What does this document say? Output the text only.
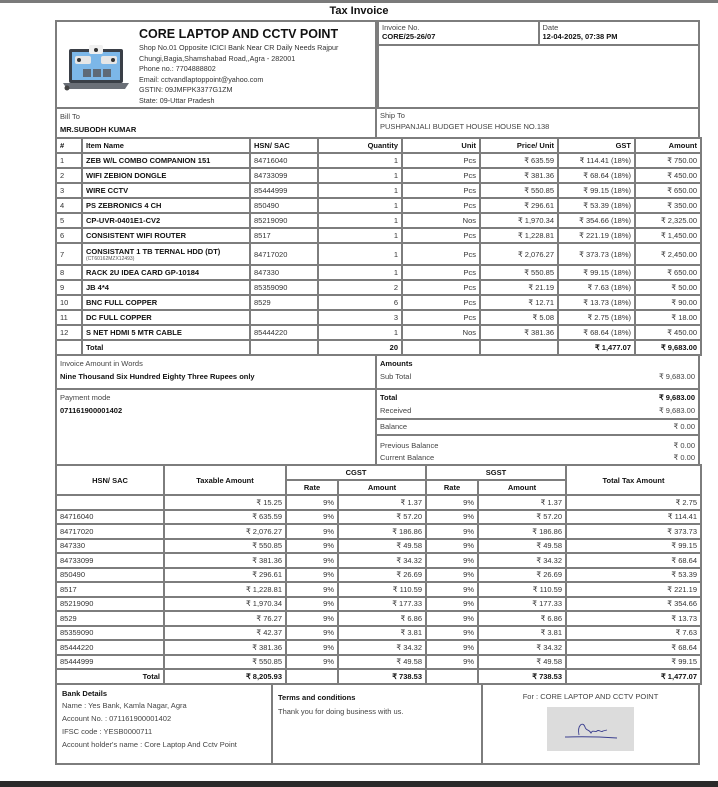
Tax Invoice
CORE LAPTOP AND CCTV POINT
Shop No.01 Opposite ICICI Bank Near CR Daily Needs Rajpur
Chungi,Bagia,Shamshabad Road,,Agra - 282001
Phone no.: 7704888802
Email: cctvandlaptoppoint@yahoo.com
GSTIN: 09JMFPK3377G1ZM
State: 09-Uttar Pradesh
Invoice No.
CORE/25-26/07
Date
12-04-2025, 07:38 PM
Bill To
MR.SUBODH KUMAR
Ship To
PUSHPANJALI BUDGET HOUSE HOUSE NO.138
#	Item Name	HSN/ SAC	Quantity	Unit	Price/ Unit	GST	Amount
1	ZEB W/L COMBO COMPANION 151	84716040	1	Pcs	₹ 635.59	₹ 114.41 (18%)	₹ 750.00
2	WIFI ZEBION DONGLE	84733099	1	Pcs	₹ 381.36	₹ 68.64 (18%)	₹ 450.00
3	WIRE CCTV	85444999	1	Pcs	₹ 550.85	₹ 99.15 (18%)	₹ 650.00
4	PS ZEBRONICS 4 CH	850490	1	Pcs	₹ 296.61	₹ 53.39 (18%)	₹ 350.00
5	CP-UVR-0401E1-CV2	85219090	1	Nos	₹ 1,970.34	₹ 354.66 (18%)	₹ 2,325.00
6	CONSISTENT WIFI ROUTER	8517	1	Pcs	₹ 1,228.81	₹ 221.19 (18%)	₹ 1,450.00
7	CONSISTANT 1 TB TERNAL HDD (DT)
(CT60162MZX12493)	84717020	1	Pcs	₹ 2,076.27	₹ 373.73 (18%)	₹ 2,450.00
8	RACK 2U IDEA CARD GP-10184	847330	1	Pcs	₹ 550.85	₹ 99.15 (18%)	₹ 650.00
9	JB 4*4	85359090	2	Pcs	₹ 21.19	₹ 7.63 (18%)	₹ 50.00
10	BNC FULL COPPER	8529	6	Pcs	₹ 12.71	₹ 13.73 (18%)	₹ 90.00
11	DC FULL COPPER		3	Pcs	₹ 5.08	₹ 2.75 (18%)	₹ 18.00
12	S NET HDMI 5 MTR CABLE	85444220	1	Nos	₹ 381.36	₹ 68.64 (18%)	₹ 450.00
	Total		20			₹ 1,477.07	₹ 9,683.00
Invoice Amount in Words
Nine Thousand Six Hundred Eighty Three Rupees only
Payment mode
071161900001402
Amounts
Sub Total	₹ 9,683.00
Total	₹ 9,683.00
Received	₹ 9,683.00
Balance	₹ 0.00
Previous Balance	₹ 0.00
Current Balance	₹ 0.00
HSN/ SAC	Taxable Amount	CGST		SGST		Total Tax Amount
		Rate	Amount	Rate	Amount	
	₹ 15.25	9%	₹ 1.37	9%	₹ 1.37	₹ 2.75
84716040	₹ 635.59	9%	₹ 57.20	9%	₹ 57.20	₹ 114.41
84717020	₹ 2,076.27	9%	₹ 186.86	9%	₹ 186.86	₹ 373.73
847330	₹ 550.85	9%	₹ 49.58	9%	₹ 49.58	₹ 99.15
84733099	₹ 381.36	9%	₹ 34.32	9%	₹ 34.32	₹ 68.64
850490	₹ 296.61	9%	₹ 26.69	9%	₹ 26.69	₹ 53.39
8517	₹ 1,228.81	9%	₹ 110.59	9%	₹ 110.59	₹ 221.19
85219090	₹ 1,970.34	9%	₹ 177.33	9%	₹ 177.33	₹ 354.66
8529	₹ 76.27	9%	₹ 6.86	9%	₹ 6.86	₹ 13.73
85359090	₹ 42.37	9%	₹ 3.81	9%	₹ 3.81	₹ 7.63
85444220	₹ 381.36	9%	₹ 34.32	9%	₹ 34.32	₹ 68.64
85444999	₹ 550.85	9%	₹ 49.58	9%	₹ 49.58	₹ 99.15
Total	₹ 8,205.93		₹ 738.53		₹ 738.53	₹ 1,477.07
Bank Details
Name : Yes Bank, Kamla Nagar, Agra
Account No. : 071161900001402
IFSC code : YESB0000711
Account holder's name : Core Laptop And Cctv Point
Terms and conditions
Thank you for doing business with us.
For : CORE LAPTOP AND CCTV POINT
